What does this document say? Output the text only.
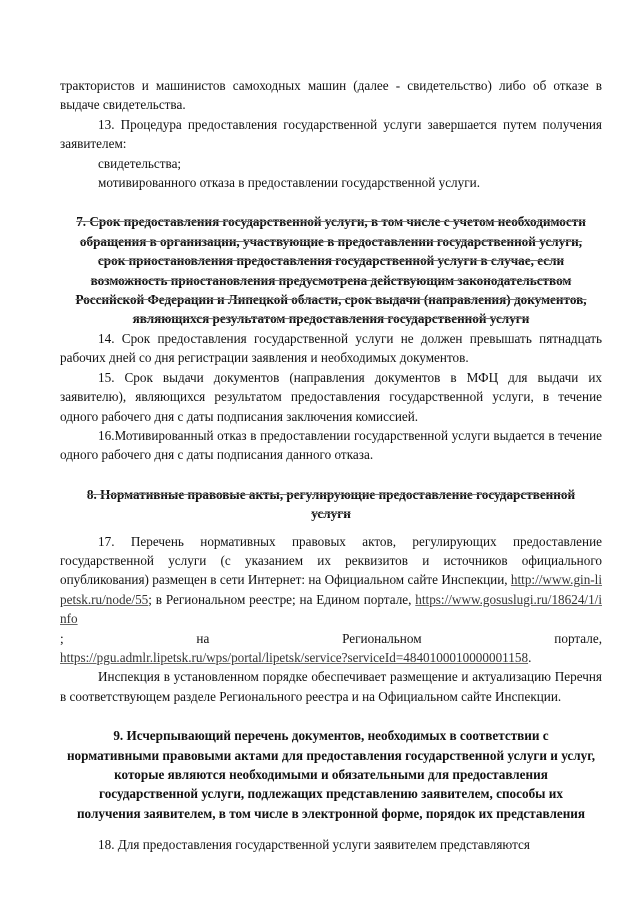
трактористов и машинистов самоходных машин (далее - свидетельство) либо об отказе в выдаче свидетельства.

13. Процедура предоставления государственной услуги завершается путем получения заявителем:

свидетельства;

мотивированного отказа в предоставлении государственной услуги.

7. Срок предоставления государственной услуги, в том числе с учетом необходимости обращения в организации, участвующие в предоставлении государственной услуги, срок приостановления предоставления государственной услуги в случае, если возможность приостановления предусмотрена действующим законодательством Российской Федерации и Липецкой области, срок выдачи (направления) документов, являющихся результатом предоставления государственной услуги

14. Срок предоставления государственной услуги не должен превышать пятнадцать рабочих дней со дня регистрации заявления и необходимых документов.

15. Срок выдачи документов (направления документов в МФЦ для выдачи их заявителю), являющихся результатом предоставления государственной услуги, в течение одного рабочего дня с даты подписания заключения комиссией.

16.Мотивированный отказ в предоставлении государственной услуги выдается в течение одного рабочего дня с даты подписания данного отказа.

8. Нормативные правовые акты, регулирующие предоставление государственной услуги

17. Перечень нормативных правовых актов, регулирующих предоставление государственной услуги (с указанием их реквизитов и источников официального опубликования) размещен в сети Интернет: на Официальном сайте Инспекции, http://www.gin-lipetsk.ru/node/55; в Региональном реестре; на Едином портале, https://www.gosuslugi.ru/18624/1/info

;	на	Региональном	портале,

https://pgu.admlr.lipetsk.ru/wps/portal/lipetsk/service?serviceId=4840100010000001158.

Инспекция в установленном порядке обеспечивает размещение и актуализацию Перечня в соответствующем разделе Регионального реестра и на Официальном сайте Инспекции.

9. Исчерпывающий перечень документов, необходимых в соответствии с нормативными правовыми актами для предоставления государственной услуги и услуг, которые являются необходимыми и обязательными для предоставления государственной услуги, подлежащих представлению заявителем, способы их получения заявителем, в том числе в электронной форме, порядок их представления

18. Для предоставления государственной услуги заявителем представляются
